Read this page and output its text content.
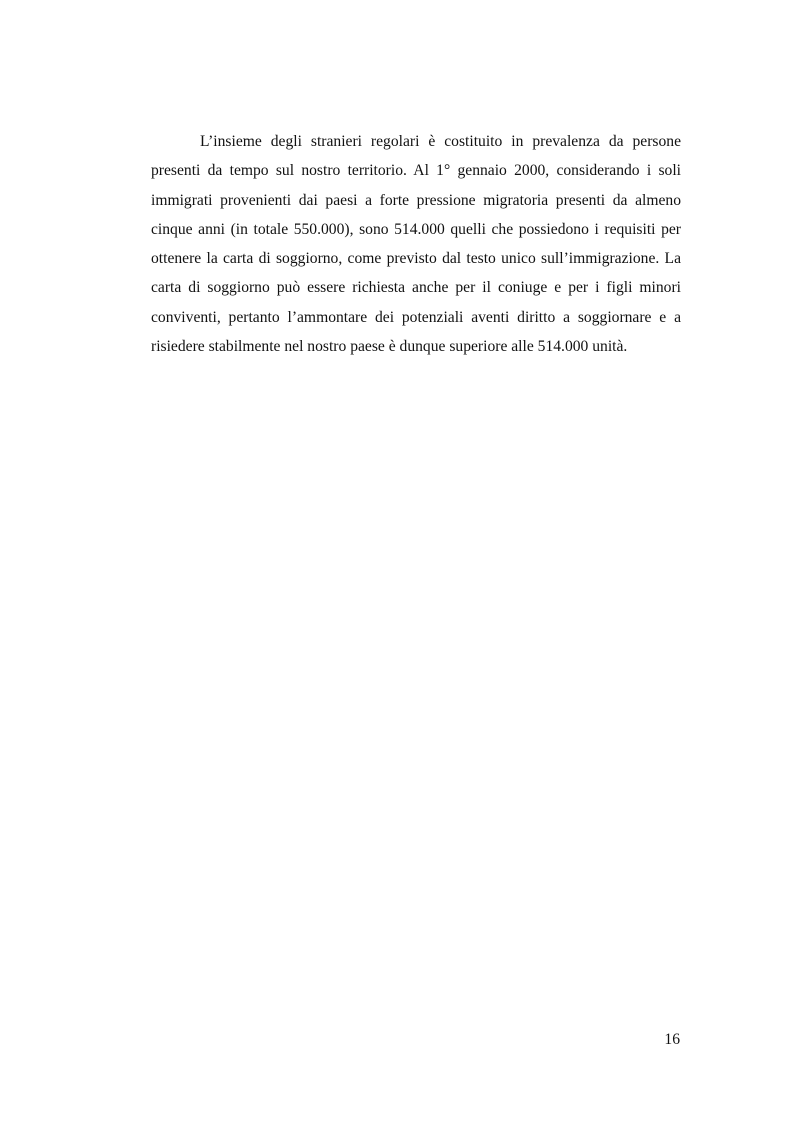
L’insieme degli stranieri regolari è costituito in prevalenza da persone presenti da tempo sul nostro territorio. Al 1° gennaio 2000, considerando i soli immigrati provenienti dai paesi a forte pressione migratoria presenti da almeno cinque anni (in totale 550.000), sono 514.000 quelli che possiedono i requisiti per ottenere la carta di soggiorno, come previsto dal testo unico sull’immigrazione. La carta di soggiorno può essere richiesta anche per il coniuge e per i figli minori conviventi, pertanto l’ammontare dei potenziali aventi diritto a soggiornare e a risiedere stabilmente nel nostro paese è dunque superiore alle 514.000 unità.

16
